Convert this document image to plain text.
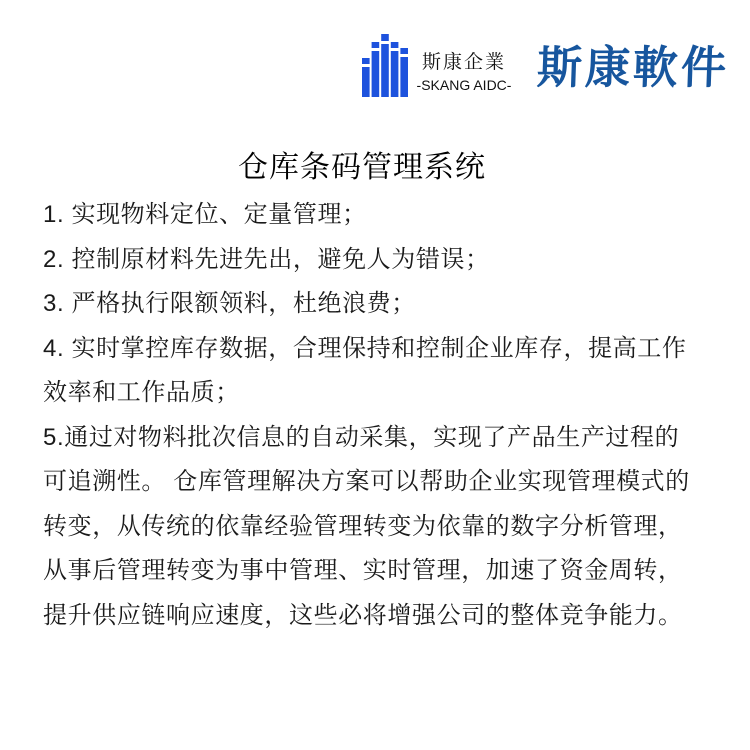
斯康企業
-SKANG AIDC- 斯康軟件
仓库条码管理系统
1. 实现物料定位、定量管理；
2. 控制原材料先进先出，避免人为错误；
3. 严格执行限额领料，杜绝浪费；
4. 实时掌控库存数据，合理保持和控制企业库存，提高工作
效率和工作品质；
5.通过对物料批次信息的自动采集，实现了产品生产过程的
可追溯性。 仓库管理解决方案可以帮助企业实现管理模式的
转变，从传统的依靠经验管理转变为依靠的数字分析管理，
从事后管理转变为事中管理、实时管理，加速了资金周转，
提升供应链响应速度，这些必将增强公司的整体竞争能力。
